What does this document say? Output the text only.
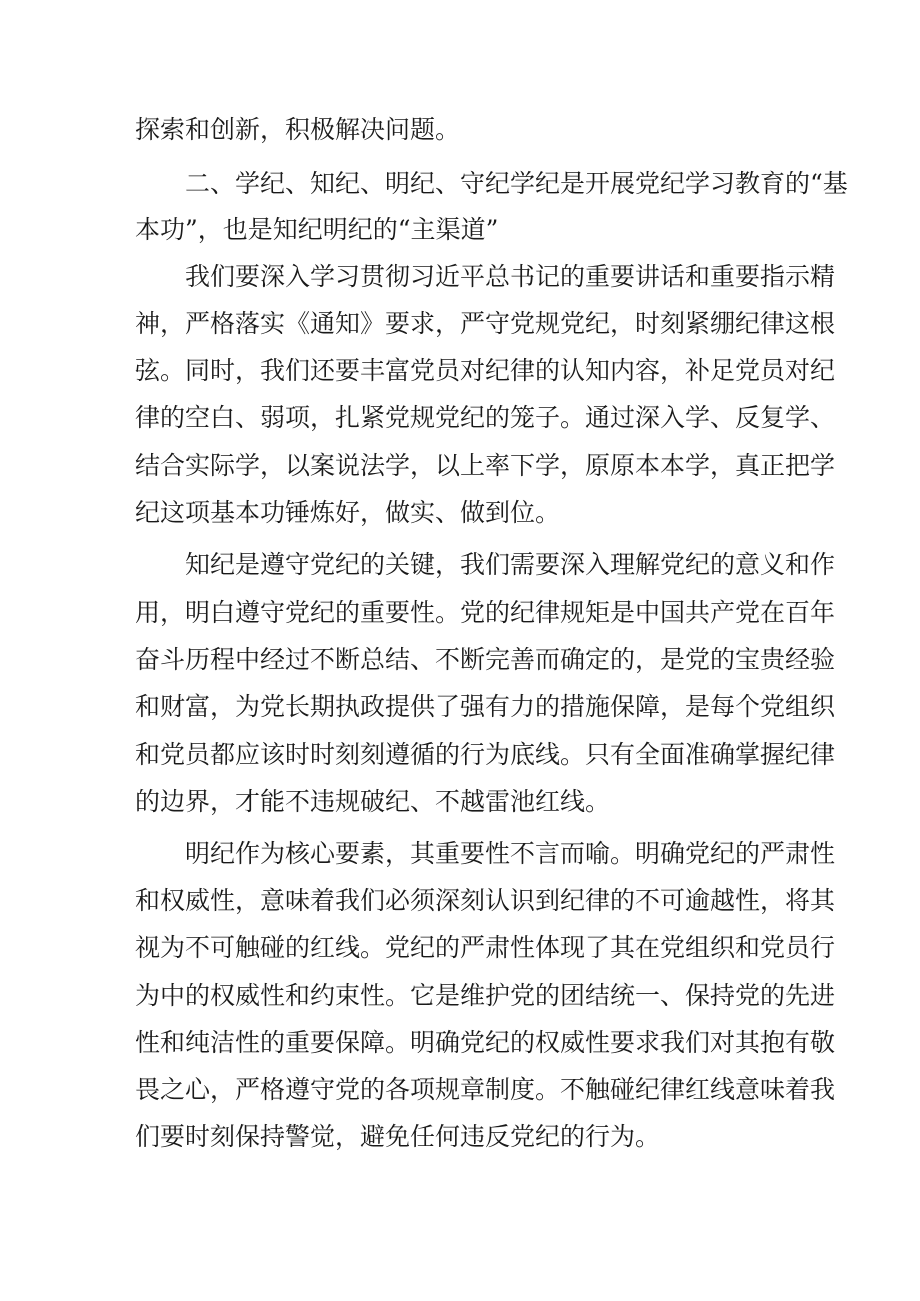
探索和创新，积极解决问题。
二、学纪、知纪、明纪、守纪学纪是开展党纪学习教育的“基
本功”，也是知纪明纪的“主渠道”
我们要深入学习贯彻习近平总书记的重要讲话和重要指示精
神，严格落实《通知》要求，严守党规党纪，时刻紧绷纪律这根
弦。同时，我们还要丰富党员对纪律的认知内容，补足党员对纪
律的空白、弱项，扎紧党规党纪的笼子。通过深入学、反复学、
结合实际学，以案说法学，以上率下学，原原本本学，真正把学
纪这项基本功锤炼好，做实、做到位。
知纪是遵守党纪的关键，我们需要深入理解党纪的意义和作
用，明白遵守党纪的重要性。党的纪律规矩是中国共产党在百年
奋斗历程中经过不断总结、不断完善而确定的，是党的宝贵经验
和财富，为党长期执政提供了强有力的措施保障，是每个党组织
和党员都应该时时刻刻遵循的行为底线。只有全面准确掌握纪律
的边界，才能不违规破纪、不越雷池红线。
明纪作为核心要素，其重要性不言而喻。明确党纪的严肃性
和权威性，意味着我们必须深刻认识到纪律的不可逾越性，将其
视为不可触碰的红线。党纪的严肃性体现了其在党组织和党员行
为中的权威性和约束性。它是维护党的团结统一、保持党的先进
性和纯洁性的重要保障。明确党纪的权威性要求我们对其抱有敬
畏之心，严格遵守党的各项规章制度。不触碰纪律红线意味着我
们要时刻保持警觉，避免任何违反党纪的行为。
